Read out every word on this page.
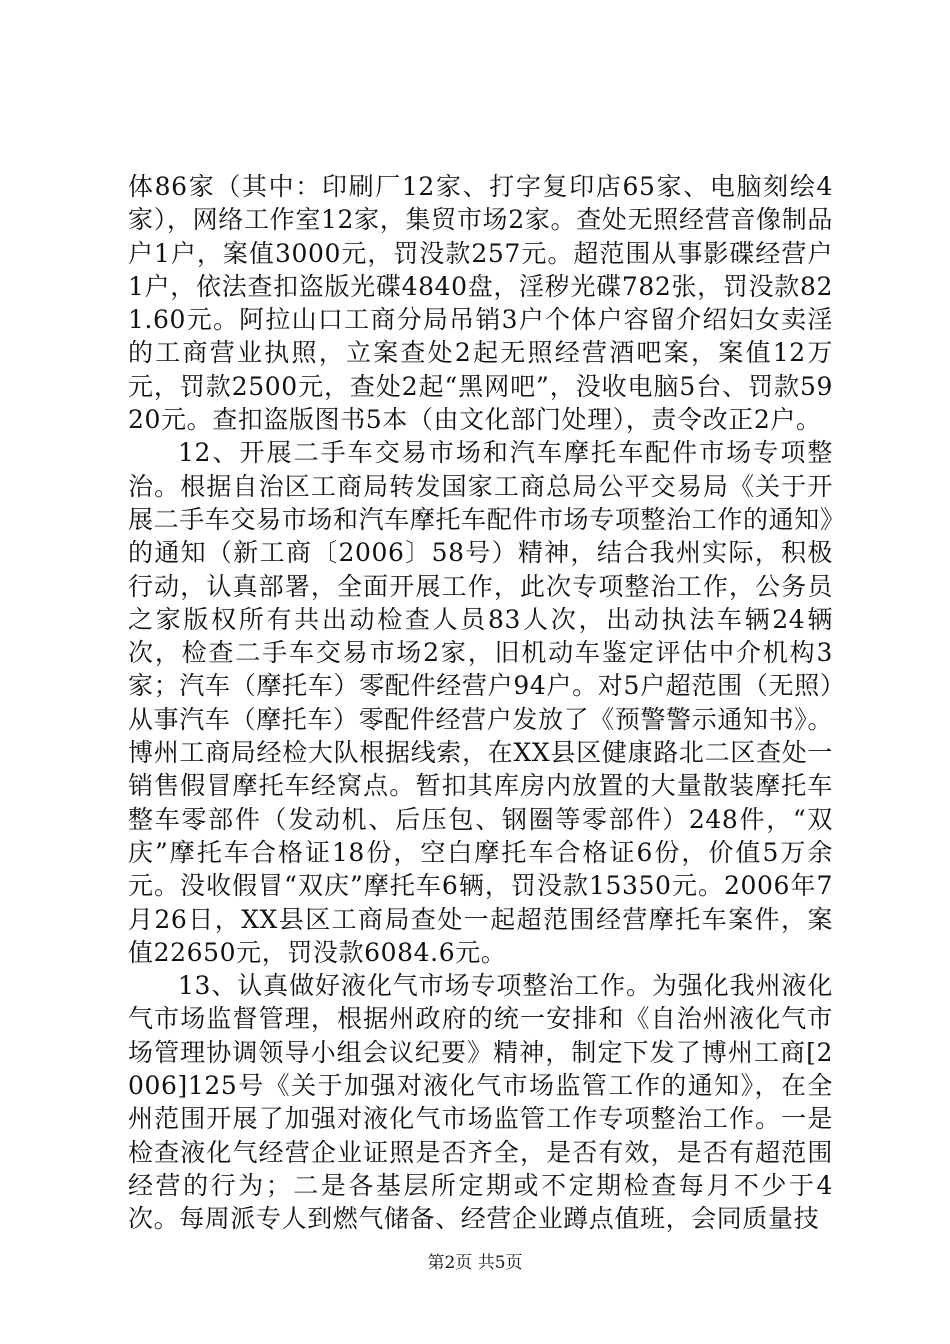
体86家（其中：印刷厂12家、打字复印店65家、电脑刻绘4家），网络工作室12家，集贸市场2家。查处无照经营音像制品户1户，案值3000元，罚没款257元。超范围从事影碟经营户1户，依法查扣盗版光碟4840盘，淫秽光碟782张，罚没款821.60元。阿拉山口工商分局吊销3户个体户容留介绍妇女卖淫的工商营业执照，立案查处2起无照经营酒吧案，案值12万元，罚款2500元，查处2起“黑网吧”，没收电脑5台、罚款5920元。查扣盗版图书5本（由文化部门处理），责令改正2户。

12、开展二手车交易市场和汽车摩托车配件市场专项整治。根据自治区工商局转发国家工商总局公平交易局《关于开展二手车交易市场和汽车摩托车配件市场专项整治工作的通知》的通知（新工商〔2006〕58号）精神，结合我州实际，积极行动，认真部署，全面开展工作，此次专项整治工作，公务员之家版权所有共出动检查人员83人次，出动执法车辆24辆次，检查二手车交易市场2家，旧机动车鉴定评估中介机构3家；汽车（摩托车）零配件经营户94户。对5户超范围（无照）从事汽车（摩托车）零配件经营户发放了《预警警示通知书》。博州工商局经检大队根据线索，在XX县区健康路北二区查处一销售假冒摩托车经窝点。暂扣其库房内放置的大量散装摩托车整车零部件（发动机、后压包、钢圈等零部件）248件，“双庆”摩托车合格证18份，空白摩托车合格证6份，价值5万余元。没收假冒“双庆”摩托车6辆，罚没款15350元。2006年7月26日，XX县区工商局查处一起超范围经营摩托车案件，案值22650元，罚没款6084.6元。

13、认真做好液化气市场专项整治工作。为强化我州液化气市场监督管理，根据州政府的统一安排和《自治州液化气市场管理协调领导小组会议纪要》精神，制定下发了博州工商[2006]125号《关于加强对液化气市场监管工作的通知》，在全州范围开展了加强对液化气市场监管工作专项整治工作。一是检查液化气经营企业证照是否齐全，是否有效，是否有超范围经营的行为；二是各基层所定期或不定期检查每月不少于4次。每周派专人到燃气储备、经营企业蹲点值班，会同质量技

第2页 共5页
